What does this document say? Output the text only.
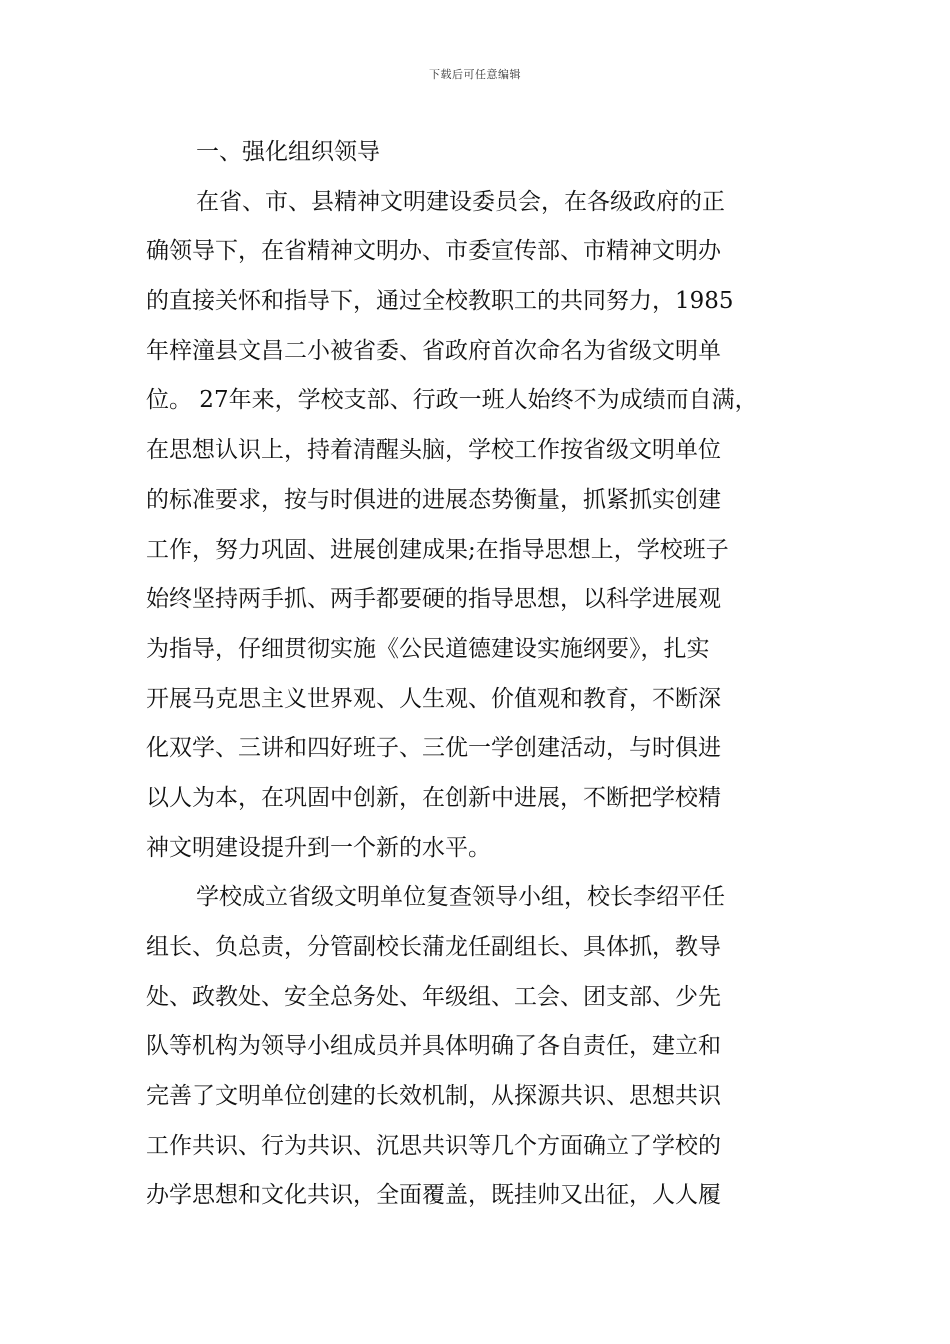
下载后可任意编辑
一、强化组织领导
在省、市、县精神文明建设委员会，在各级政府的正
确领导下，在省精神文明办、市委宣传部、市精神文明办
的直接关怀和指导下，通过全校教职工的共同努力，1985
年梓潼县文昌二小被省委、省政府首次命名为省级文明单
位。 27年来，学校支部、行政一班人始终不为成绩而自满，
在思想认识上，持着清醒头脑，学校工作按省级文明单位
的标准要求，按与时俱进的进展态势衡量，抓紧抓实创建
工作，努力巩固、进展创建成果;在指导思想上，学校班子
始终坚持两手抓、两手都要硬的指导思想，以科学进展观
为指导，仔细贯彻实施《公民道德建设实施纲要》，扎实
开展马克思主义世界观、人生观、价值观和教育，不断深
化双学、三讲和四好班子、三优一学创建活动，与时俱进
以人为本，在巩固中创新，在创新中进展，不断把学校精
神文明建设提升到一个新的水平。
学校成立省级文明单位复查领导小组，校长李绍平任
组长、负总责，分管副校长蒲龙任副组长、具体抓，教导
处、政教处、安全总务处、年级组、工会、团支部、少先
队等机构为领导小组成员并具体明确了各自责任，建立和
完善了文明单位创建的长效机制，从探源共识、思想共识
工作共识、行为共识、沉思共识等几个方面确立了学校的
办学思想和文化共识，全面覆盖，既挂帅又出征，人人履
